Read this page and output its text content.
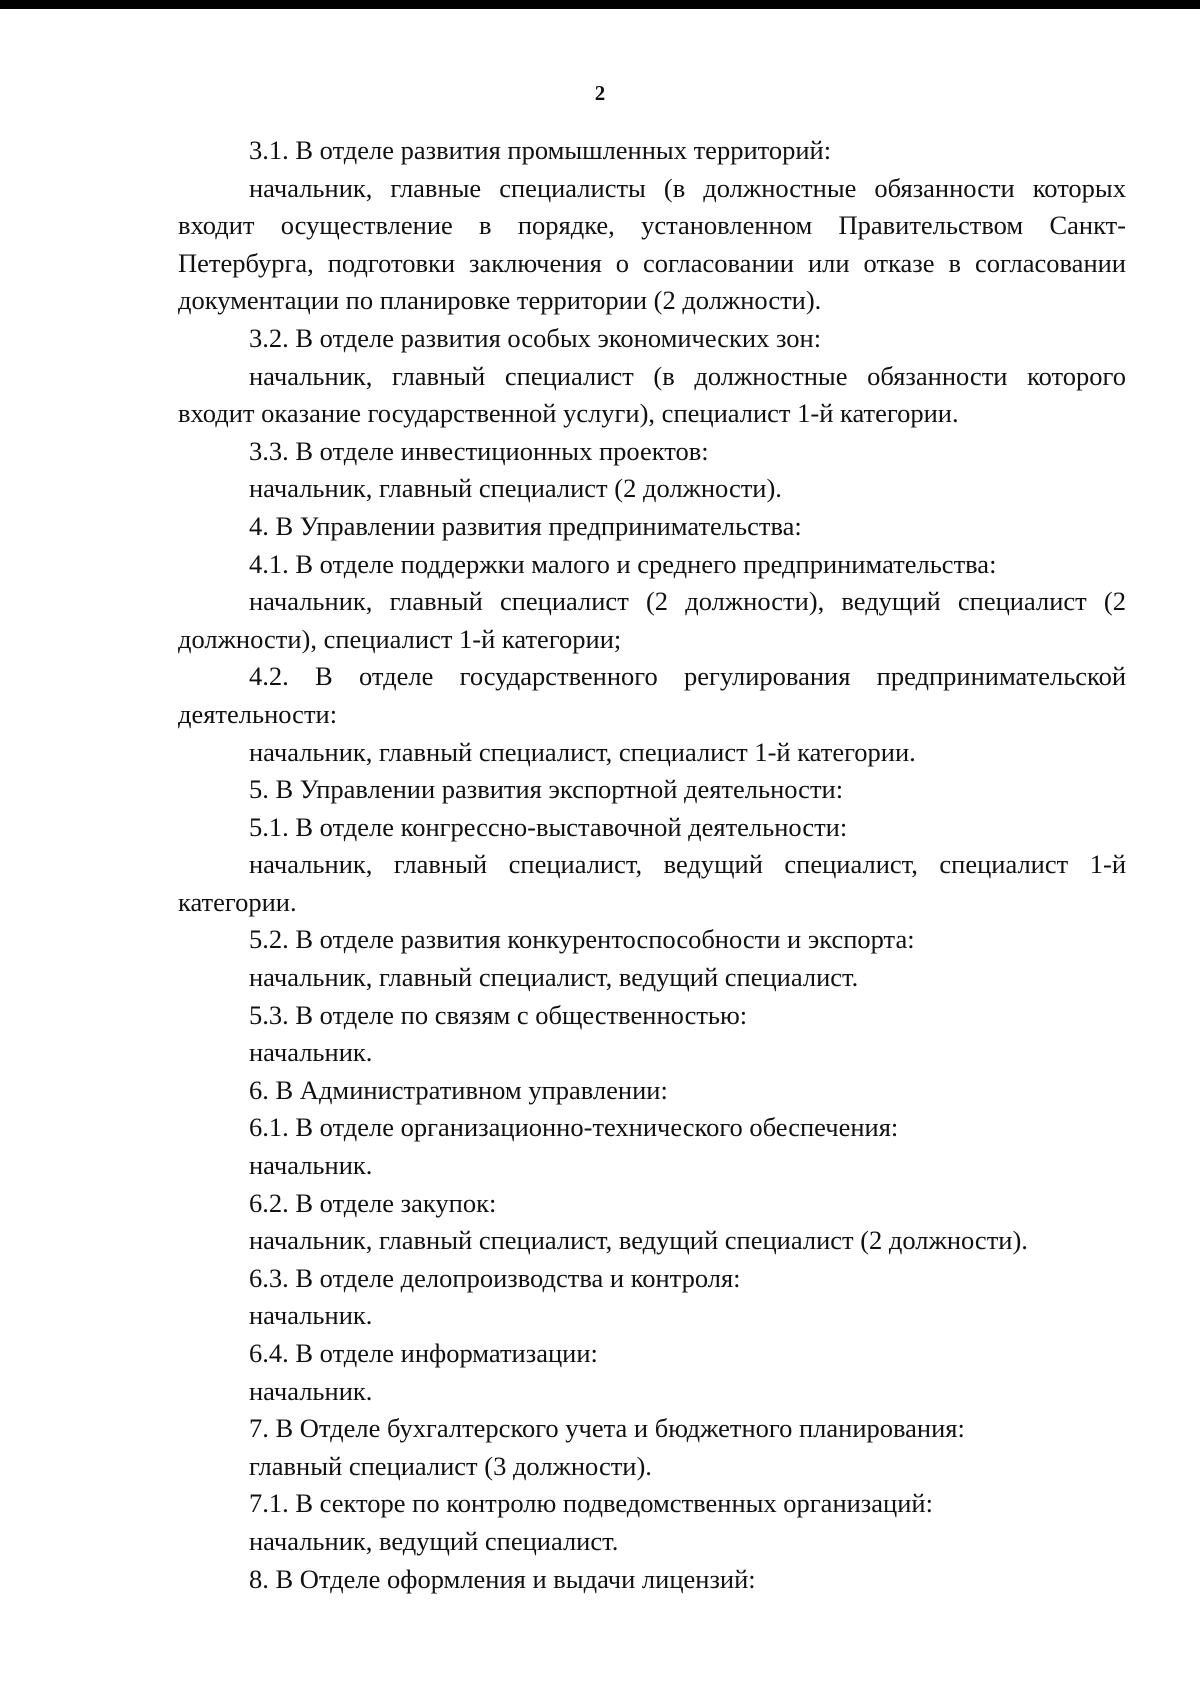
2

3.1. В отделе развития промышленных территорий:

начальник, главные специалисты (в должностные обязанности которых входит осуществление в порядке, установленном Правительством Санкт-Петербурга, подготовки заключения о согласовании или отказе в согласовании документации по планировке территории (2 должности).

3.2. В отделе развития особых экономических зон:

начальник, главный специалист (в должностные обязанности которого входит оказание государственной услуги), специалист 1-й категории.

3.3. В отделе инвестиционных проектов:

начальник, главный специалист (2 должности).

4. В Управлении развития предпринимательства:

4.1. В отделе поддержки малого и среднего предпринимательства:

начальник, главный специалист (2 должности), ведущий специалист (2 должности), специалист 1-й категории;

4.2. В отделе государственного регулирования предпринимательской деятельности:

начальник, главный специалист, специалист 1-й категории.

5. В Управлении развития экспортной деятельности:

5.1. В отделе конгрессно-выставочной деятельности:

начальник, главный специалист, ведущий специалист, специалист 1-й категории.

5.2. В отделе развития конкурентоспособности и экспорта:

начальник, главный специалист, ведущий специалист.

5.3. В отделе по связям с общественностью:

начальник.

6. В Административном управлении:

6.1. В отделе организационно-технического обеспечения:

начальник.

6.2. В отделе закупок:

начальник, главный специалист, ведущий специалист (2 должности).

6.3. В отделе делопроизводства и контроля:

начальник.

6.4. В отделе информатизации:

начальник.

7. В Отделе бухгалтерского учета и бюджетного планирования:

главный специалист (3 должности).

7.1. В секторе по контролю подведомственных организаций:

начальник, ведущий специалист.

8. В Отделе оформления и выдачи лицензий:
